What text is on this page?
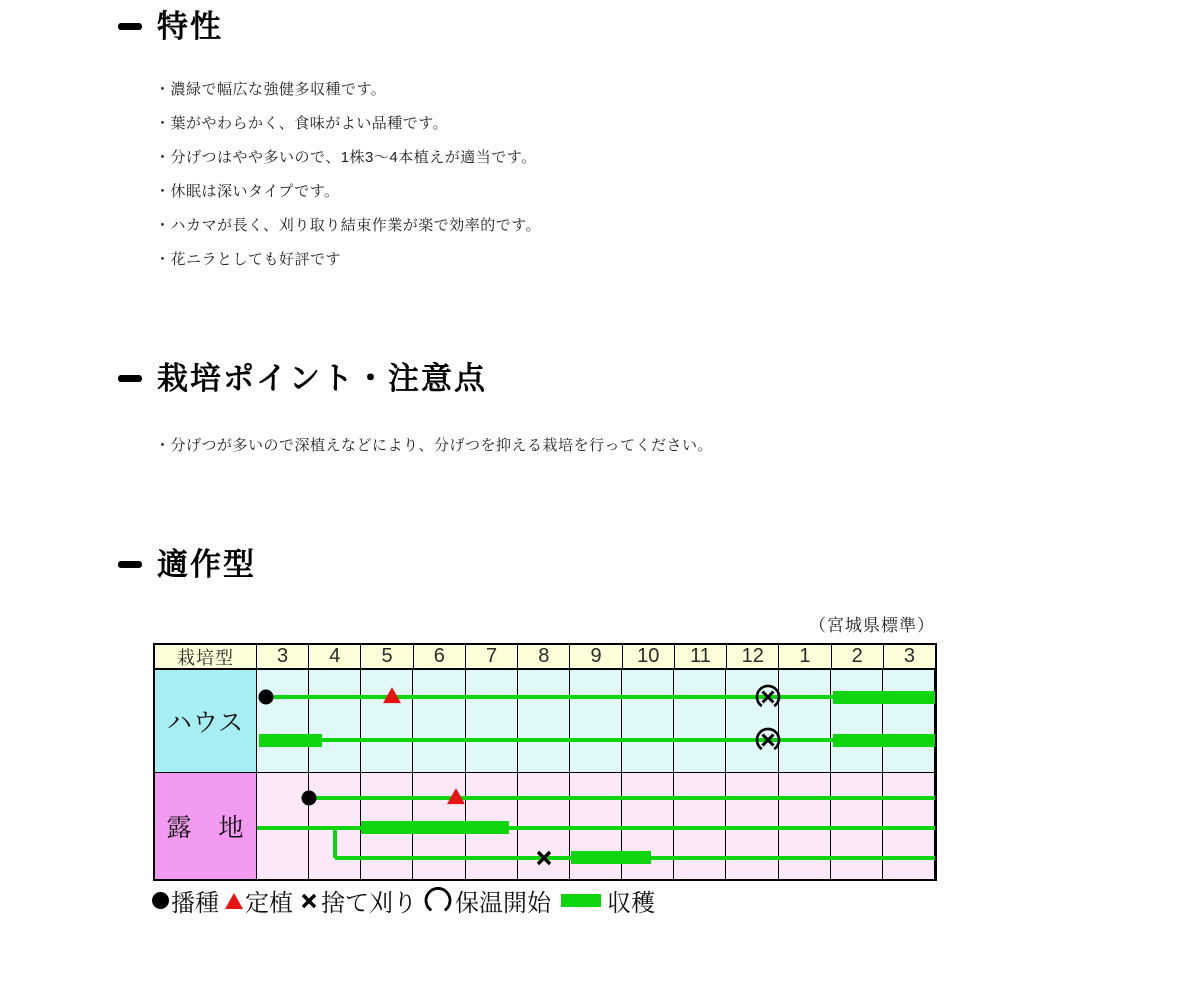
特性
・濃緑で幅広な強健多収種です。
・葉がやわらかく、食味がよい品種です。
・分げつはやや多いので、1株3〜4本植えが適当です。
・休眠は深いタイプです。
・ハカマが長く、刈り取り結束作業が楽で効率的です。
・花ニラとしても好評です
栽培ポイント・注意点
・分げつが多いので深植えなどにより、分げつを抑える栽培を行ってください。
適作型
（宮城県標準）
栽培型	3	4	5	6	7	8	9	10	11	12	1	2	3
ハウス
露　地
播種 定植 捨て刈り 保温開始 収穫
